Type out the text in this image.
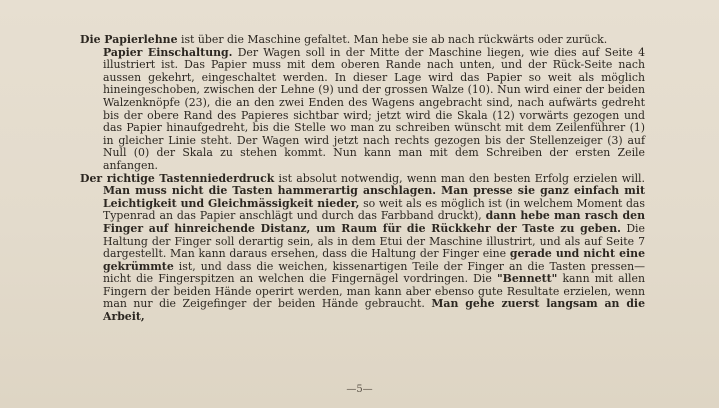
Die Papierlehne ist über die Maschine gefaltet. Man hebe sie ab nach rückwärts oder zurück.

Papier Einschaltung. Der Wagen soll in der Mitte der Maschine liegen, wie dies auf Seite 4 illustriert ist. Das Papier muss mit dem oberen Rande nach unten, und der Rück-Seite nach aussen gekehrt, eingeschaltet werden. In dieser Lage wird das Papier so weit als möglich hineingeschoben, zwischen der Lehne (9) und der grossen Walze (10). Nun wird einer der beiden Walzenknöpfe (23), die an den zwei Enden des Wagens angebracht sind, nach aufwärts gedreht bis der obere Rand des Papieres sichtbar wird; jetzt wird die Skala (12) vorwärts gezogen und das Papier hinaufgedreht, bis die Stelle wo man zu schreiben wünscht mit dem Zeilenführer (1) in gleicher Linie steht. Der Wagen wird jetzt nach rechts gezogen bis der Stellenzeiger (3) auf Null (0) der Skala zu stehen kommt. Nun kann man mit dem Schreiben der ersten Zeile anfangen.

Der richtige Tastenniederdruck ist absolut notwendig, wenn man den besten Erfolg erzielen will. Man muss nicht die Tasten hammerartig anschlagen. Man presse sie ganz einfach mit Leichtigkeit und Gleichmässigkeit nieder, so weit als es möglich ist (in welchem Moment das Typenrad an das Papier anschlägt und durch das Farbband druckt), dann hebe man rasch den Finger auf hinreichende Distanz, um Raum für die Rückkehr der Taste zu geben. Die Haltung der Finger soll derartig sein, als in dem Etui der Maschine illustrirt, und als auf Seite 7 dargestellt. Man kann daraus ersehen, dass die Haltung der Finger eine gerade und nicht eine gekrümmte ist, und dass die weichen, kissenartigen Teile der Finger an die Tasten pressen—nicht die Fingerspitzen an welchen die Fingernägel vordringen. Die "Bennett" kann mit allen Fingern der beiden Hände operirt werden, man kann aber ebenso gute Resultate erzielen, wenn man nur die Zeigefinger der beiden Hände gebraucht. Man gehe zuerst langsam an die Arbeit,

—5—
